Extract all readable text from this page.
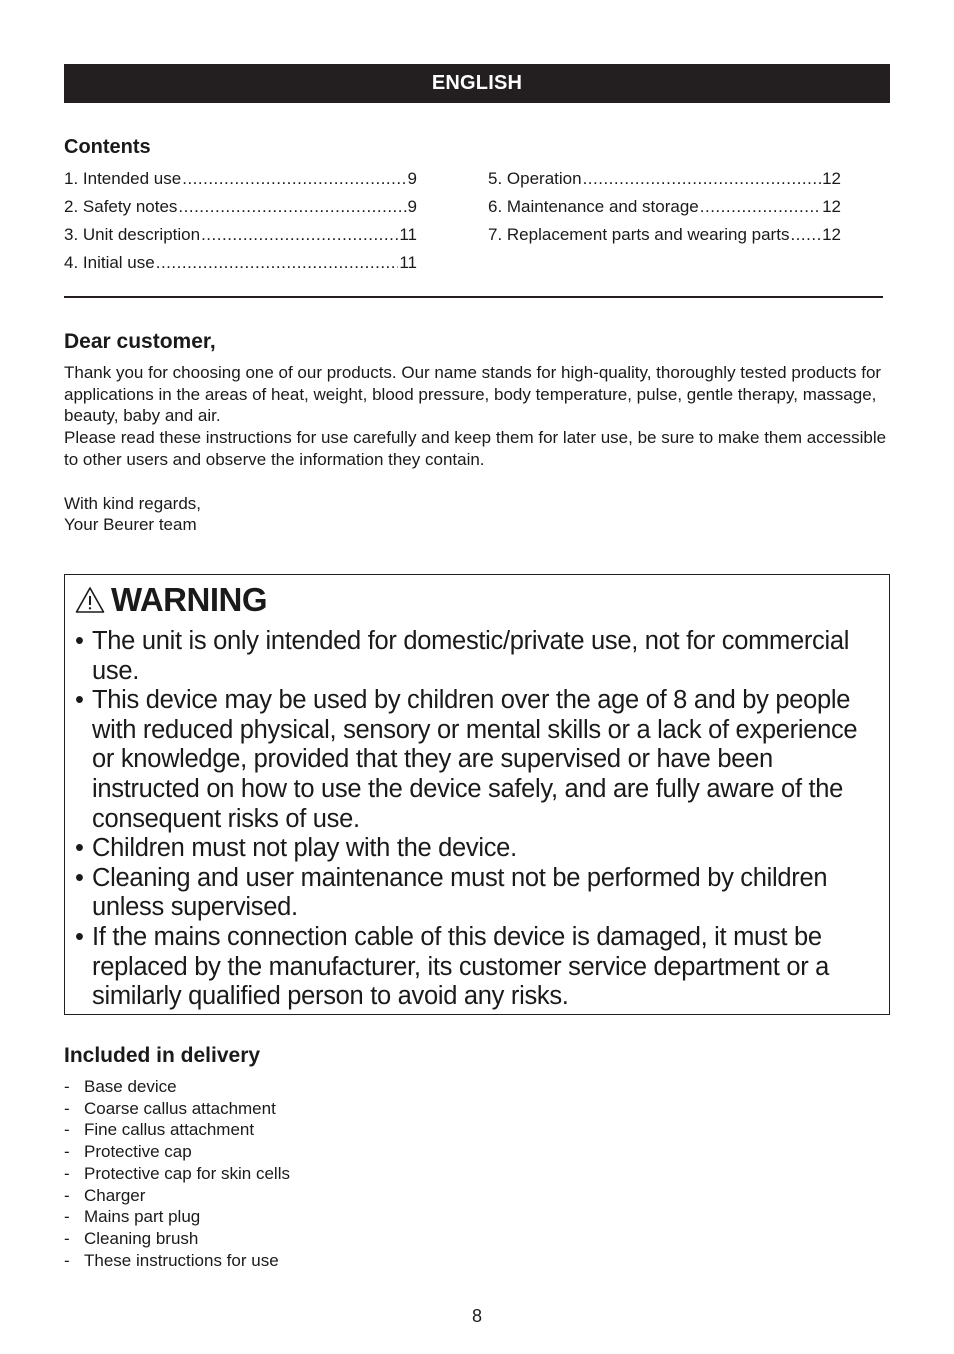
ENGLISH
Contents
1. Intended use .....	9
2. Safety notes .....	9
3. Unit description .....	11
4. Initial use .....	11
5. Operation .....	12
6. Maintenance and storage .....	12
7. Replacement parts and wearing parts ..... 12
Dear customer,

Thank you for choosing one of our products. Our name stands for high-quality, thoroughly tested products for applications in the areas of heat, weight, blood pressure, body temperature, pulse, gentle therapy, massage, beauty, baby and air.

Please read these instructions for use carefully and keep them for later use, be sure to make them accessible to other users and observe the information they contain.

With kind regards,

Your Beurer team

WARNING
• The unit is only intended for domestic/private use, not for commercial use.
• This device may be used by children over the age of 8 and by people with reduced physical, sensory or mental skills or a lack of experience or knowledge, provided that they are supervised or have been instructed on how to use the device safely, and are fully aware of the consequent risks of use.
• Children must not play with the device.
• Cleaning and user maintenance must not be performed by children unless supervised.
• If the mains connection cable of this device is damaged, it must be replaced by the manufacturer, its customer service department or a similarly qualified person to avoid any risks.
Included in delivery
- Base device
- Coarse callus attachment
- Fine callus attachment
- Protective cap
- Protective cap for skin cells
- Charger
- Mains part plug
- Cleaning brush
- These instructions for use
8
